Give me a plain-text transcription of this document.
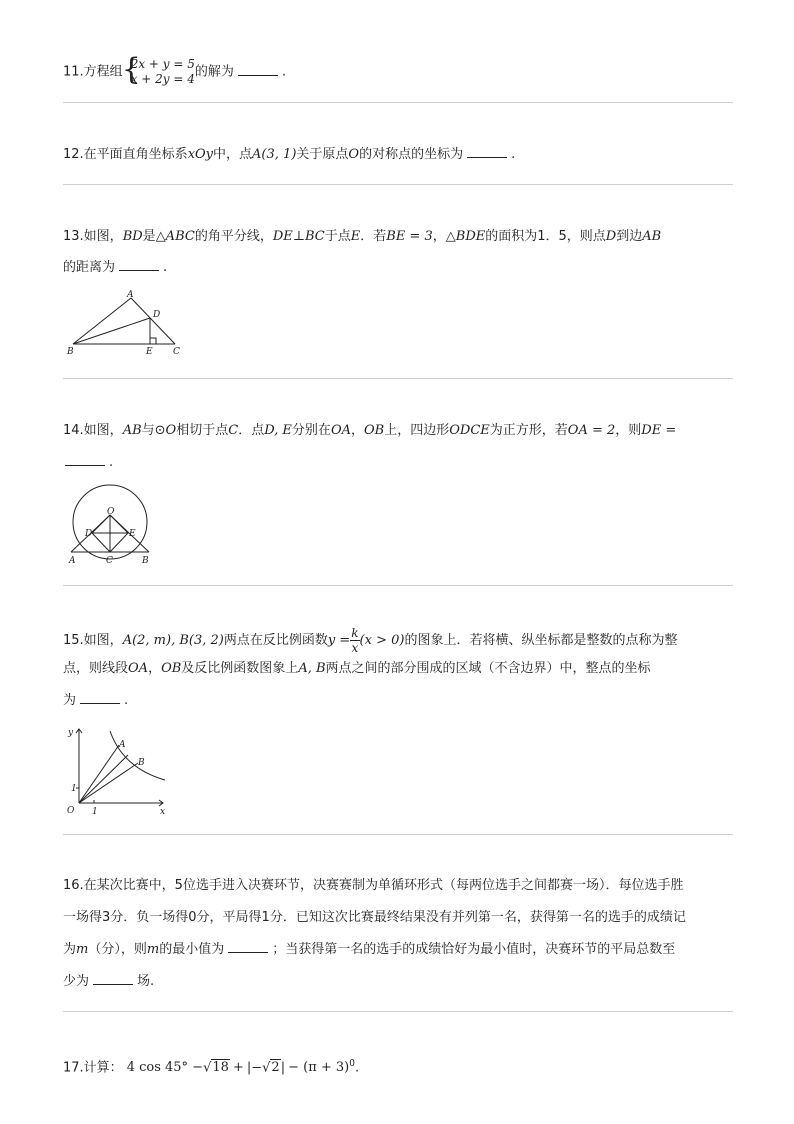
11.方程组 {
2x + y = 5
x + 2y = 4 的解为	.
12.在平面直角坐标系xOy中，点A(3, 1)关于原点O的对称点的坐标为	.
13.如图，BD是△ABC的角平分线，DE⊥BC于点E．若BE = 3，△BDE的面积为1．5，则点D到边AB
的距离为	.
A
D
B	E C
14.如图，AB与⊙O相切于点C．点D, E分别在OA，OB上，四边形ODCE为正方形，若OA = 2，则DE =
.
O
D	E
A	C	B
15.如图，A(2, m), B(3, 2)两点在反比例函数$y = \frac{k}{x} (x > 0)$的图象上．若将横、纵坐标都是整数的点称为整
点，则线段OA，OB及反比例函数图象上A, B两点之间的部分围成的区域（不含边界）中，整点的坐标
为	.
y
A
B
1
O 1	x
16.在某次比赛中，5位选手进入决赛环节，决赛赛制为单循环形式（每两位选手之间都赛一场）．每位选手胜
一场得3分．负一场得0分，平局得1分．已知这次比赛最终结果没有并列第一名，获得第一名的选手的成绩记
为m（分），则m的最小值为	；当获得第一名的选手的成绩恰好为最小值时，决赛环节的平局总数至
少为	场.
17.计算： 4 $\cos 45^\circ -√18 + |-√2| - (\pi + 3)^0$.
